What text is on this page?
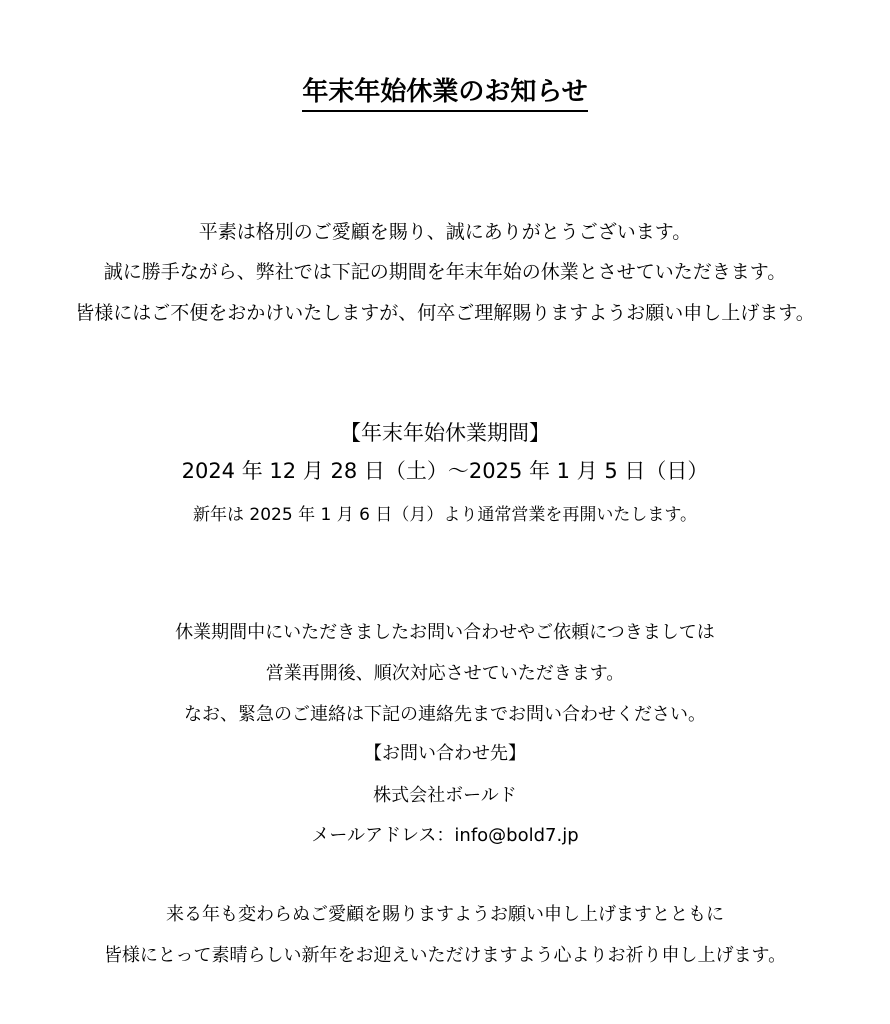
年末年始休業のお知らせ
平素は格別のご愛顧を賜り、誠にありがとうございます。
誠に勝手ながら、弊社では下記の期間を年末年始の休業とさせていただきます。
皆様にはご不便をおかけいたしますが、何卒ご理解賜りますようお願い申し上げます。
【年末年始休業期間】
2024 年 12 月 28 日（土）～2025 年 1 月 5 日（日）
新年は 2025 年 1 月 6 日（月）より通常営業を再開いたします。
休業期間中にいただきましたお問い合わせやご依頼につきましては
営業再開後、順次対応させていただきます。
なお、緊急のご連絡は下記の連絡先までお問い合わせください。
【お問い合わせ先】
株式会社ボールド
メールアドレス：info@bold7.jp
来る年も変わらぬご愛顧を賜りますようお願い申し上げますとともに
皆様にとって素晴らしい新年をお迎えいただけますよう心よりお祈り申し上げます。
